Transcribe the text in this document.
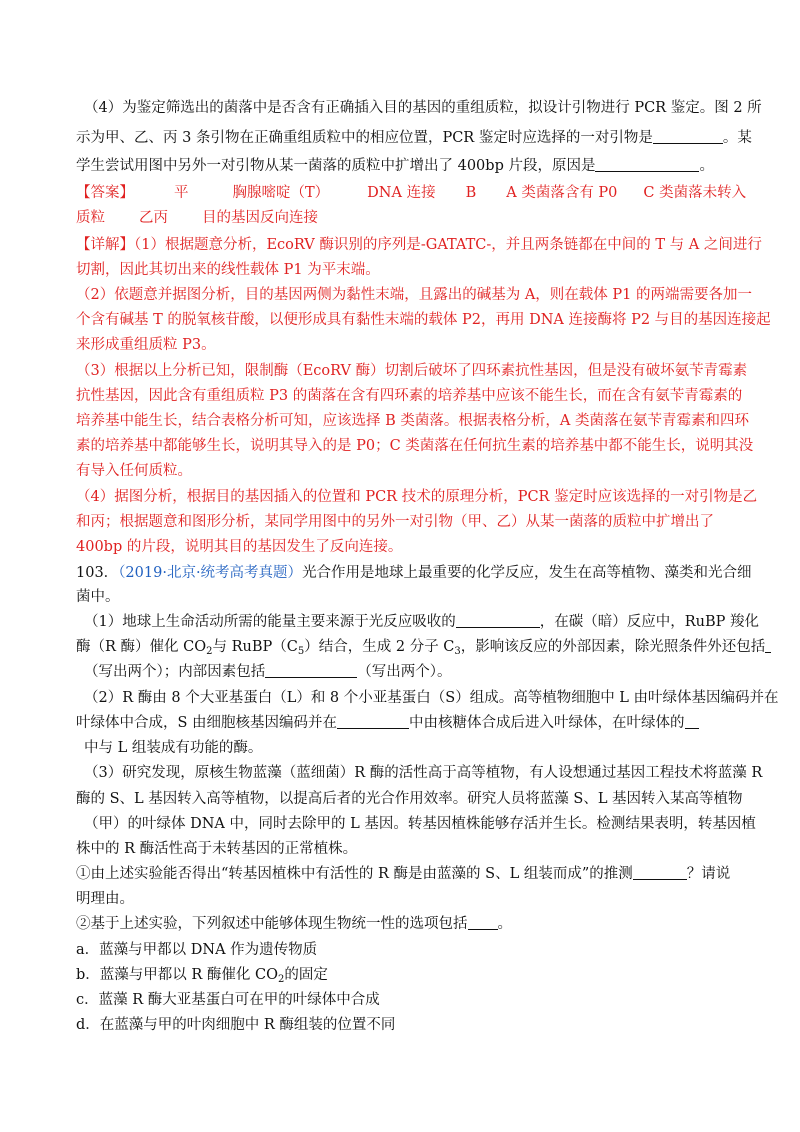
（4）为鉴定筛选出的菌落中是否含有正确插入目的基因的重组质粒，拟设计引物进行 PCR 鉴定。图 2 所
示为甲、乙、丙 3 条引物在正确重组质粒中的相应位置，PCR 鉴定时应选择的一对引物是	。某
学生尝试用图中另外一对引物从某一菌落的质粒中扩增出了 400bp 片段，原因是	。
【答案】	平	胸腺嘧啶（T）	DNA 连接 B A 类菌落含有 P0 C 类菌落未转入
质粒 乙丙 目的基因反向连接
【详解】（1）根据题意分析，EcoRV 酶识别的序列是-GATATC-，并且两条链都在中间的 T 与 A 之间进行
切割，因此其切出来的线性载体 P1 为平末端。
（2）依题意并据图分析，目的基因两侧为黏性末端，且露出的碱基为 A，则在载体 P1 的两端需要各加一
个含有碱基 T 的脱氧核苷酸，以便形成具有黏性末端的载体 P2，再用 DNA 连接酶将 P2 与目的基因连接起
来形成重组质粒 P3。
（3）根据以上分析已知，限制酶（EcoRV 酶）切割后破坏了四环素抗性基因，但是没有破坏氨苄青霉素
抗性基因，因此含有重组质粒 P3 的菌落在含有四环素的培养基中应该不能生长，而在含有氨苄青霉素的
培养基中能生长，结合表格分析可知，应该选择 B 类菌落。根据表格分析，A 类菌落在氨苄青霉素和四环
素的培养基中都能够生长，说明其导入的是 P0；C 类菌落在任何抗生素的培养基中都不能生长，说明其没
有导入任何质粒。
（4）据图分析，根据目的基因插入的位置和 PCR 技术的原理分析，PCR 鉴定时应该选择的一对引物是乙
和丙；根据题意和图形分析，某同学用图中的另外一对引物（甲、乙）从某一菌落的质粒中扩增出了
400bp 的片段，说明其目的基因发生了反向连接。
103．（2019·北京·统考高考真题）光合作用是地球上最重要的化学反应，发生在高等植物、藻类和光合细
菌中。
（1）地球上生命活动所需的能量主要来源于光反应吸收的	，在碳（暗）反应中，RuBP 羧化
酶（R 酶）催化 $CO_2$与 $RuBP(C_5)$结合，生成 2 分子 $C_3$，影响该反应的外部因素，除光照条件外还包括
（写出两个）；内部因素包括	（写出两个）。
（2）R 酶由 8 个大亚基蛋白（L）和 8 个小亚基蛋白（S）组成。高等植物细胞中 L 由叶绿体基因编码并在
叶绿体中合成，S 由细胞核基因编码并在	中由核糖体合成后进入叶绿体，在叶绿体的
中与 L 组装成有功能的酶。
（3）研究发现，原核生物蓝藻（蓝细菌）R 酶的活性高于高等植物，有人设想通过基因工程技术将蓝藻 R
酶的 S、L 基因转入高等植物，以提高后者的光合作用效率。研究人员将蓝藻 S、L 基因转入某高等植物
（甲）的叶绿体 DNA 中，同时去除甲的 L 基因。转基因植株能够存活并生长。检测结果表明，转基因植
株中的 R 酶活性高于未转基因的正常植株。
①由上述实验能否得出“转基因植株中有活性的 R 酶是由蓝藻的 S、L 组装而成”的推测	？请说
明理由。
②基于上述实验，下列叙述中能够体现生物统一性的选项包括 。
a．蓝藻与甲都以 DNA 作为遗传物质
b．蓝藻与甲都以 R 酶催化 $CO_2$的固定
c．蓝藻 R 酶大亚基蛋白可在甲的叶绿体中合成
d．在蓝藻与甲的叶肉细胞中 R 酶组装的位置不同
